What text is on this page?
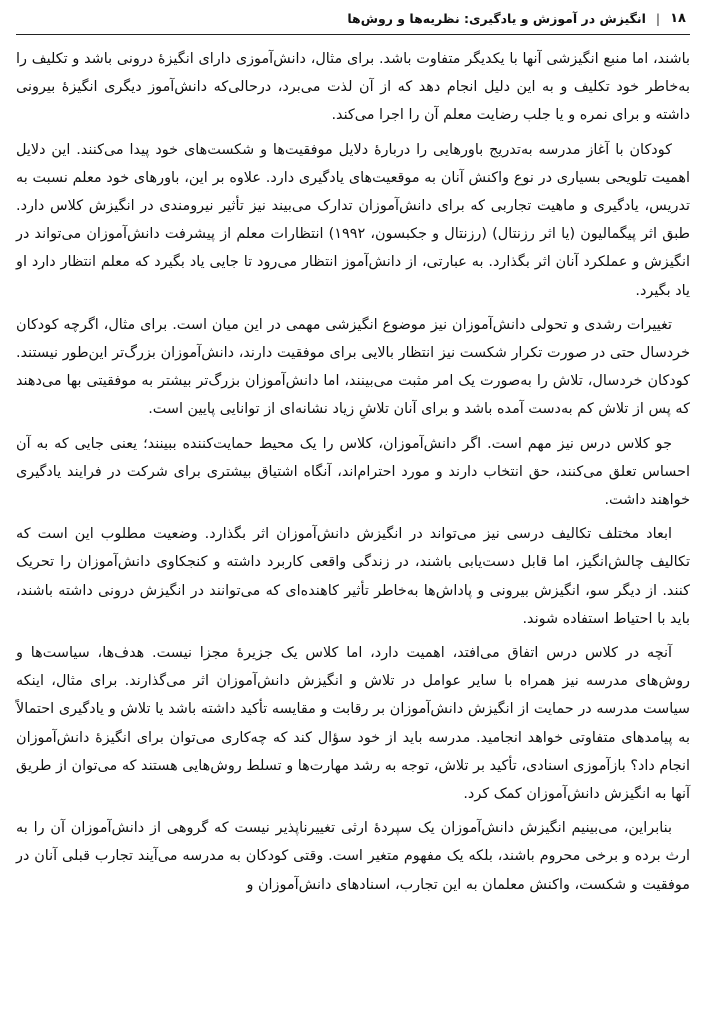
۱۸
|
انگیزش در آموزش و یادگیری: نظریه‌ها و روش‌ها

باشند، اما منبع انگیزشی آنها با یکدیگر متفاوت باشد. برای مثال، دانش‌آموزی دارای انگیزهٔ درونی باشد و تکلیف را به‌خاطر خود تکلیف و به این دلیل انجام دهد که از آن لذت می‌برد، درحالی‌که دانش‌آموز دیگری انگیزهٔ بیرونی داشته و برای نمره و یا جلب رضایت معلم آن را اجرا می‌کند.

کودکان با آغاز مدرسه به‌تدریج باورهایی را دربارهٔ دلایل موفقیت‌ها و شکست‌های خود پیدا می‌کنند. این دلایل اهمیت تلویحی بسیاری در نوع واکنش آنان به موقعیت‌های یادگیری دارد. علاوه بر این، باورهای خود معلم نسبت به تدریس، یادگیری و ماهیت تجاربی که برای دانش‌آموزان تدارک می‌بیند نیز تأثیر نیرومندی در انگیزش کلاس دارد. طبق اثر پیگمالیون (یا اثر رزنتال) (رزنتال و جکبسون، ۱۹۹۲) انتظارات معلم از پیشرفت دانش‌آموزان می‌تواند در انگیزش و عملکرد آنان اثر بگذارد. به عبارتی، از دانش‌آموز انتظار می‌رود تا جایی یاد بگیرد که معلم انتظار دارد او یاد بگیرد.

تغییرات رشدی و تحولی دانش‌آموزان نیز موضوع انگیزشی مهمی در این میان است. برای مثال، اگرچه کودکان خردسال حتی در صورت تکرار شکست نیز انتظار بالایی برای موفقیت دارند، دانش‌آموزان بزرگ‌تر این‌طور نیستند. کودکان خردسال، تلاش را به‌صورت یک امر مثبت می‌بینند، اما دانش‌آموزان بزرگ‌تر بیشتر به موفقیتی بها می‌دهند که پس از تلاش کم به‌دست آمده باشد و برای آنان تلاشِ زیاد نشانه‌ای از توانایی پایین است.

جو کلاس درس نیز مهم است. اگر دانش‌آموزان، کلاس را یک محیط حمایت‌کننده ببینند؛ یعنی جایی که به آن احساس تعلق می‌کنند، حق انتخاب دارند و مورد احترام‌اند، آنگاه اشتیاق بیشتری برای شرکت در فرایند یادگیری خواهند داشت.

ابعاد مختلف تکالیف درسی نیز می‌تواند در انگیزش دانش‌آموزان اثر بگذارد. وضعیت مطلوب این است که تکالیف چالش‌انگیز، اما قابل دست‌یابی باشند، در زندگی واقعی کاربرد داشته و کنجکاوی دانش‌آموزان را تحریک کنند. از دیگر سو، انگیزش بیرونی و پاداش‌ها به‌خاطر تأثیر کاهنده‌ای که می‌توانند در انگیزش درونی داشته باشند، باید با احتیاط استفاده شوند.

آنچه در کلاس درس اتفاق می‌افتد، اهمیت دارد، اما کلاس یک جزیرهٔ مجزا نیست. هدف‌ها، سیاست‌ها و روش‌های مدرسه نیز همراه با سایر عوامل در تلاش و انگیزش دانش‌آموزان اثر می‌گذارند. برای مثال، اینکه سیاست مدرسه در حمایت از انگیزش دانش‌آموزان بر رقابت و مقایسه تأکید داشته باشد یا تلاش و یادگیری احتمالاً به پیامدهای متفاوتی خواهد انجامید. مدرسه باید از خود سؤال کند که چه‌کاری می‌توان برای انگیزهٔ دانش‌آموزان انجام داد؟ بازآموزی اسنادی، تأکید بر تلاش، توجه به رشد مهارت‌ها و تسلط روش‌هایی هستند که می‌توان از طریق آنها به انگیزش دانش‌آموزان کمک کرد.

بنابراین، می‌بینیم انگیزش دانش‌آموزان یک سپردهٔ ارثی تغییرناپذیر نیست که گروهی از دانش‌آموزان آن را به ارث برده و برخی محروم باشند، بلکه یک مفهوم متغیر است. وقتی کودکان به مدرسه می‌آیند تجارب قبلی آنان در موفقیت و شکست، واکنش معلمان به این تجارب، اسنادهای دانش‌آموزان و
